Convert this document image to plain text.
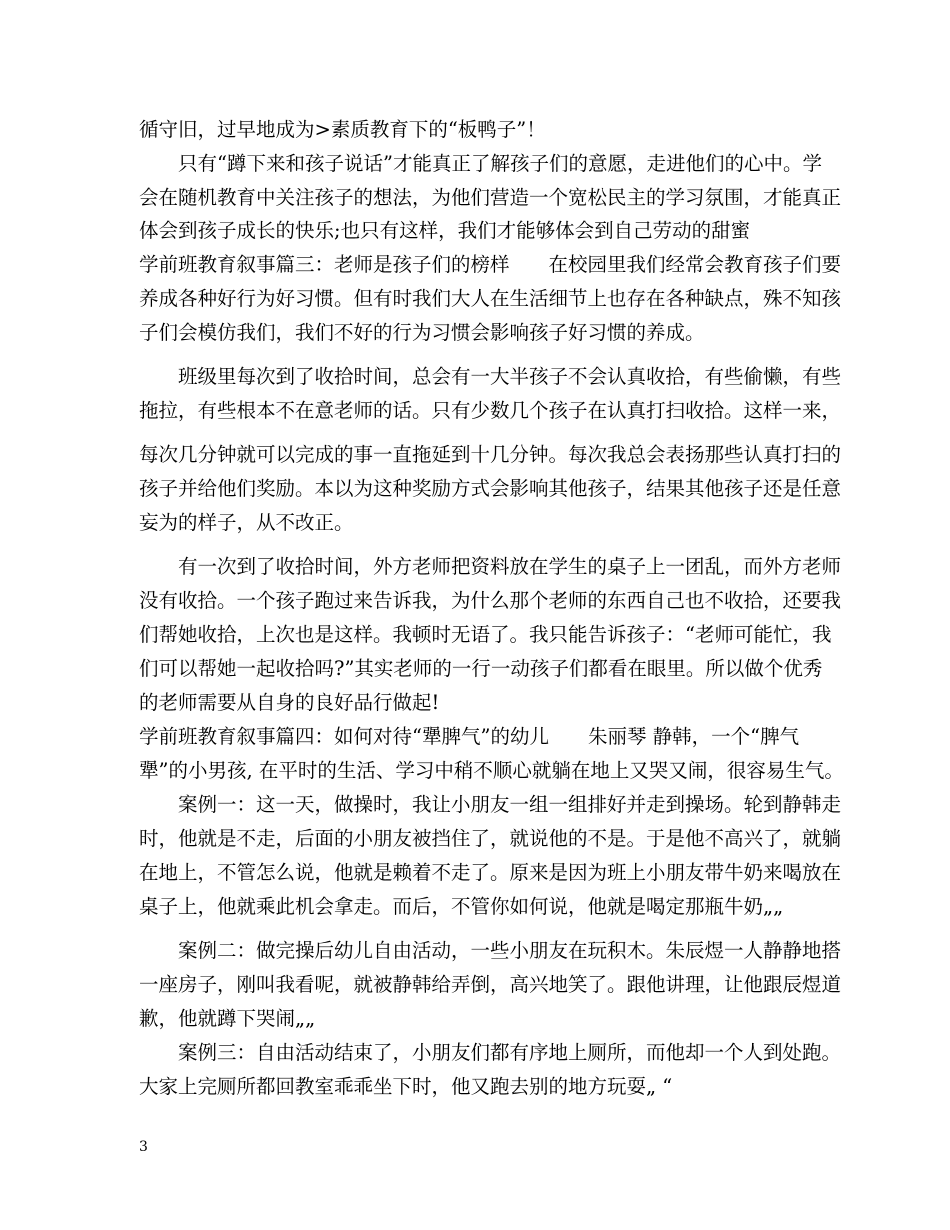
循守旧，过早地成为>素质教育下的“板鸭子”！
只有“蹲下来和孩子说话”才能真正了解孩子们的意愿，走进他们的心中。学
会在随机教育中关注孩子的想法，为他们营造一个宽松民主的学习氛围，才能真正
体会到孩子成长的快乐;也只有这样，我们才能够体会到自己劳动的甜蜜
学前班教育叙事篇三：老师是孩子们的榜样　　在校园里我们经常会教育孩子们要
养成各种好行为好习惯。但有时我们大人在生活细节上也存在各种缺点，殊不知孩
子们会模仿我们，我们不好的行为习惯会影响孩子好习惯的养成。
班级里每次到了收拾时间，总会有一大半孩子不会认真收拾，有些偷懒，有些
拖拉，有些根本不在意老师的话。只有少数几个孩子在认真打扫收拾。这样一来，
每次几分钟就可以完成的事一直拖延到十几分钟。每次我总会表扬那些认真打扫的
孩子并给他们奖励。本以为这种奖励方式会影响其他孩子，结果其他孩子还是任意
妄为的样子，从不改正。
有一次到了收拾时间，外方老师把资料放在学生的桌子上一团乱，而外方老师
没有收拾。一个孩子跑过来告诉我，为什么那个老师的东西自己也不收拾，还要我
们帮她收拾，上次也是这样。我顿时无语了。我只能告诉孩子：“老师可能忙，我
们可以帮她一起收拾吗?”其实老师的一行一动孩子们都看在眼里。所以做个优秀
的老师需要从自身的良好品行做起!
学前班教育叙事篇四：如何对待“犟脾气”的幼儿　　朱丽琴 静韩，一个“脾气
犟”的小男孩, 在平时的生活、学习中稍不顺心就躺在地上又哭又闹，很容易生气。
案例一：这一天，做操时，我让小朋友一组一组排好并走到操场。轮到静韩走
时，他就是不走，后面的小朋友被挡住了，就说他的不是。于是他不高兴了，就躺
在地上，不管怎么说，他就是赖着不走了。原来是因为班上小朋友带牛奶来喝放在
桌子上，他就乘此机会拿走。而后，不管你如何说，他就是喝定那瓶牛奶„„
案例二：做完操后幼儿自由活动，一些小朋友在玩积木。朱辰煜一人静静地搭
一座房子，刚叫我看呢，就被静韩给弄倒，高兴地笑了。跟他讲理，让他跟辰煜道
歉，他就蹲下哭闹„„
案例三：自由活动结束了，小朋友们都有序地上厕所，而他却一个人到处跑。
大家上完厕所都回教室乖乖坐下时，他又跑去别的地方玩耍„ “
3
